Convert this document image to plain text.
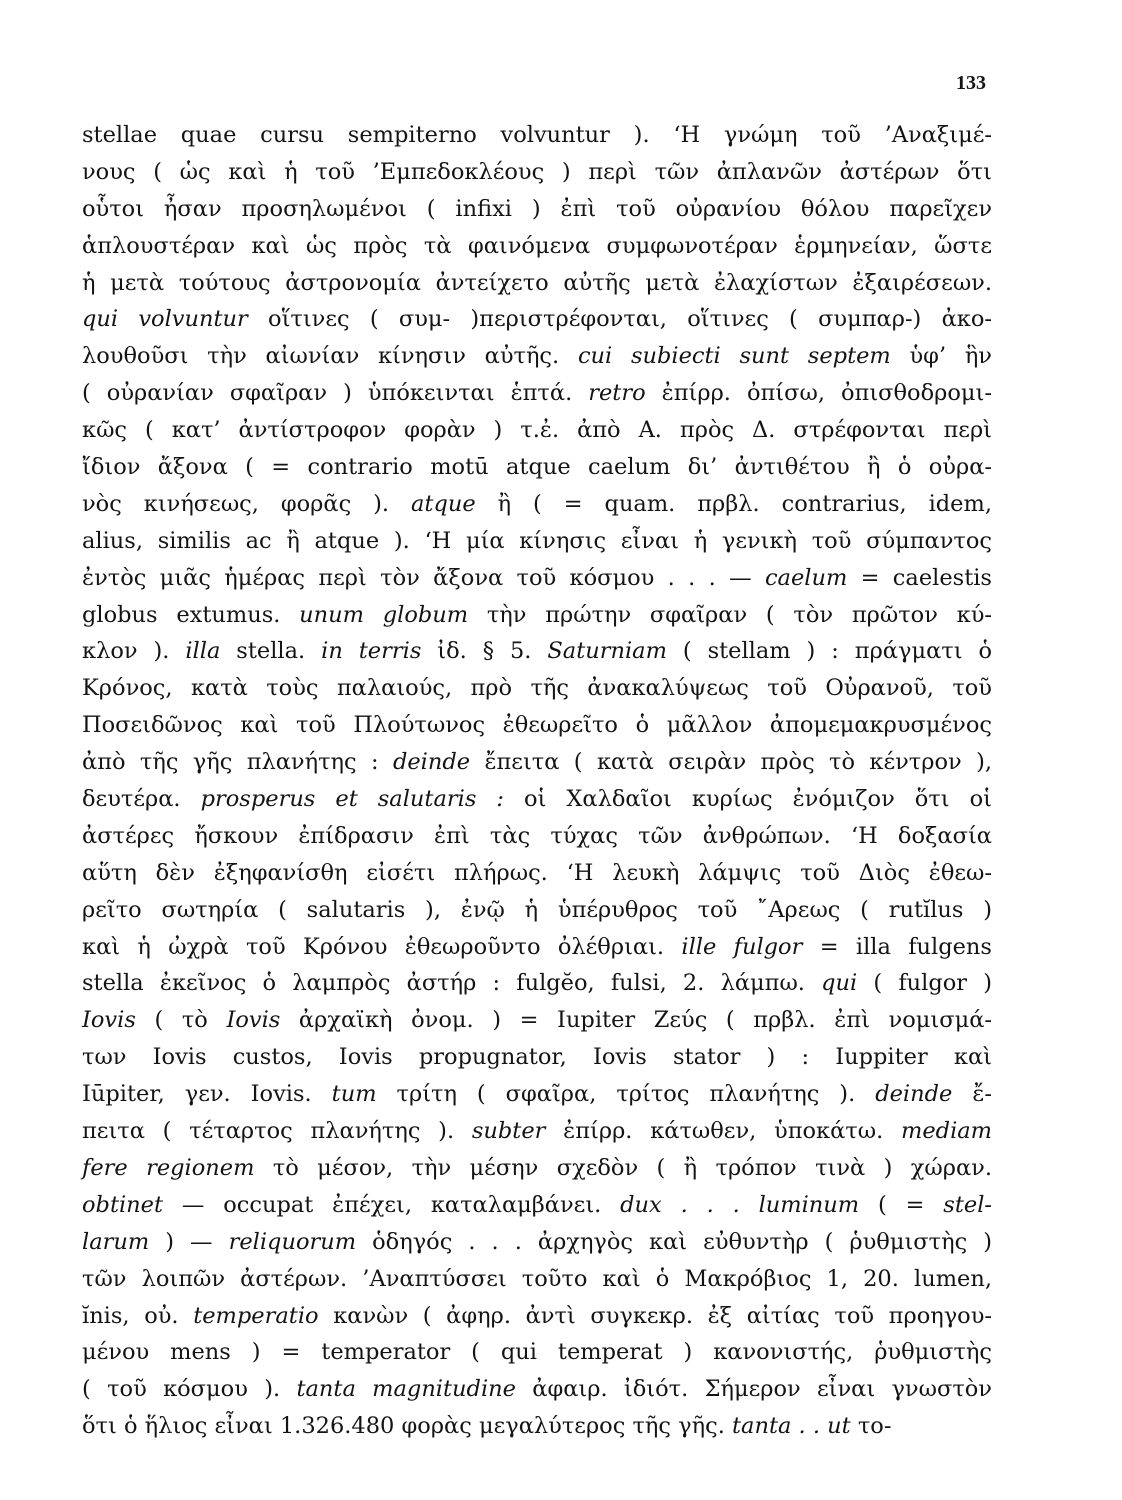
133
stellae quae cursu sempiterno volvuntur ). ‘Η γνώμη τοῦ ’Αναξιμέ-
νους ( ὡς καὶ ἡ τοῦ ’Εμπεδοκλέους ) περὶ τῶν ἀπλανῶν ἀστέρων ὅτι
οὗτοι ἦσαν προσηλωμένοι ( infixi ) ἐπὶ τοῦ οὐρανίου θόλου παρεῖχεν
ἁπλουστέραν καὶ ὡς πρὸς τὰ φαινόμενα συμφωνοτέραν ἑρμηνείαν, ὥστε
ἡ μετὰ τούτους ἀστρονομία ἀντείχετο αὐτῆς μετὰ ἐλαχίστων ἐξαιρέσεων.
qui volvuntur οἵτινες ( συμ- )περιστρέφονται, οἵτινες ( συμπαρ-) ἀκο-
λουθοῦσι τὴν αἰωνίαν κίνησιν αὐτῆς. cui subiecti sunt septem ὑφ’ ἣν
( οὐρανίαν σφαῖραν ) ὑπόκεινται ἑπτά. retro ἐπίρρ. ὀπίσω, ὀπισθοδρομι-
κῶς ( κατ’ ἀντίστροφον φορὰν ) τ.ἐ. ἀπὸ Α. πρὸς Δ. στρέφονται περὶ
ἴδιον ἄξονα ( = contrario motū atque caelum δι’ ἀντιθέτου ἢ ὁ οὐρα-
νὸς κινήσεως, φορᾶς ). atque ἢ ( = quam. πρβλ. contrarius, idem,
alius, similis ac ἢ atque ). ‘Η μία κίνησις εἶναι ἡ γενικὴ τοῦ σύμπαντος
ἐντὸς μιᾶς ἡμέρας περὶ τὸν ἄξονα τοῦ κόσμου . . . — caelum = caelestis
globus extumus. unum globum τὴν πρώτην σφαῖραν ( τὸν πρῶτον κύ-
κλον ). illa stella. in terris ἰδ. § 5. Saturniam ( stellam ) : πράγματι ὁ
Κρόνος, κατὰ τοὺς παλαιούς, πρὸ τῆς ἀνακαλύψεως τοῦ Οὐρανοῦ, τοῦ
Ποσειδῶνος καὶ τοῦ Πλούτωνος ἐθεωρεῖτο ὁ μᾶλλον ἀπομεμακρυσμένος
ἀπὸ τῆς γῆς πλανήτης : deinde ἔπειτα ( κατὰ σειρὰν πρὸς τὸ κέντρον ),
δευτέρα. prosperus et salutaris : οἱ Χαλδαῖοι κυρίως ἐνόμιζον ὅτι οἱ
ἀστέρες ἤσκουν ἐπίδρασιν ἐπὶ τὰς τύχας τῶν ἀνθρώπων. ‘Η δοξασία
αὕτη δὲν ἐξηφανίσθη εἰσέτι πλήρως. ‘Η λευκὴ λάμψις τοῦ Διὸς ἐθεω-
ρεῖτο σωτηρία ( salutaris ), ἐνῷ ἡ ὑπέρυθρος τοῦ ῎Αρεως ( rutĭlus )
καὶ ἡ ὠχρὰ τοῦ Κρόνου ἐθεωροῦντο ὀλέθριαι. ille fulgor = illa fulgens
stella ἐκεῖνος ὁ λαμπρὸς ἀστήρ : fulgĕo, fulsi, 2. λάμπω. qui ( fulgor )
Iovis ( τὸ Iovis ἀρχαϊκὴ ὀνομ. ) = Iupiter Ζεύς ( πρβλ. ἐπὶ νομισμά-
των Iovis custos, Iovis propugnator, Iovis stator ) : Iuppiter καὶ
Iūpiter, γεν. Iovis. tum τρίτη ( σφαῖρα, τρίτος πλανήτης ). deinde ἔ-
πειτα ( τέταρτος πλανήτης ). subter ἐπίρρ. κάτωθεν, ὑποκάτω. mediam
fere regionem τὸ μέσον, τὴν μέσην σχεδὸν ( ἢ τρόπον τινὰ ) χώραν.
obtinet — occupat ἐπέχει, καταλαμβάνει. dux . . . luminum ( = stel-
larum ) — reliquorum ὁδηγός . . . ἀρχηγὸς καὶ εὐθυντὴρ ( ῥυθμιστὴς )
τῶν λοιπῶν ἀστέρων. ’Αναπτύσσει τοῦτο καὶ ὁ Μακρόβιος 1, 20. lumen,
ĭnis, οὐ. temperatio κανὼν ( ἀφηρ. ἀντὶ συγκεκρ. ἐξ αἰτίας τοῦ προηγου-
μένου mens ) = temperator ( qui temperat ) κανονιστής, ῥυθμιστὴς
( τοῦ κόσμου ). tanta magnitudine ἀφαιρ. ἰδιότ. Σήμερον εἶναι γνωστὸν
ὅτι ὁ ἥλιος εἶναι 1.326.480 φορὰς μεγαλύτερος τῆς γῆς. tanta . . ut το-
